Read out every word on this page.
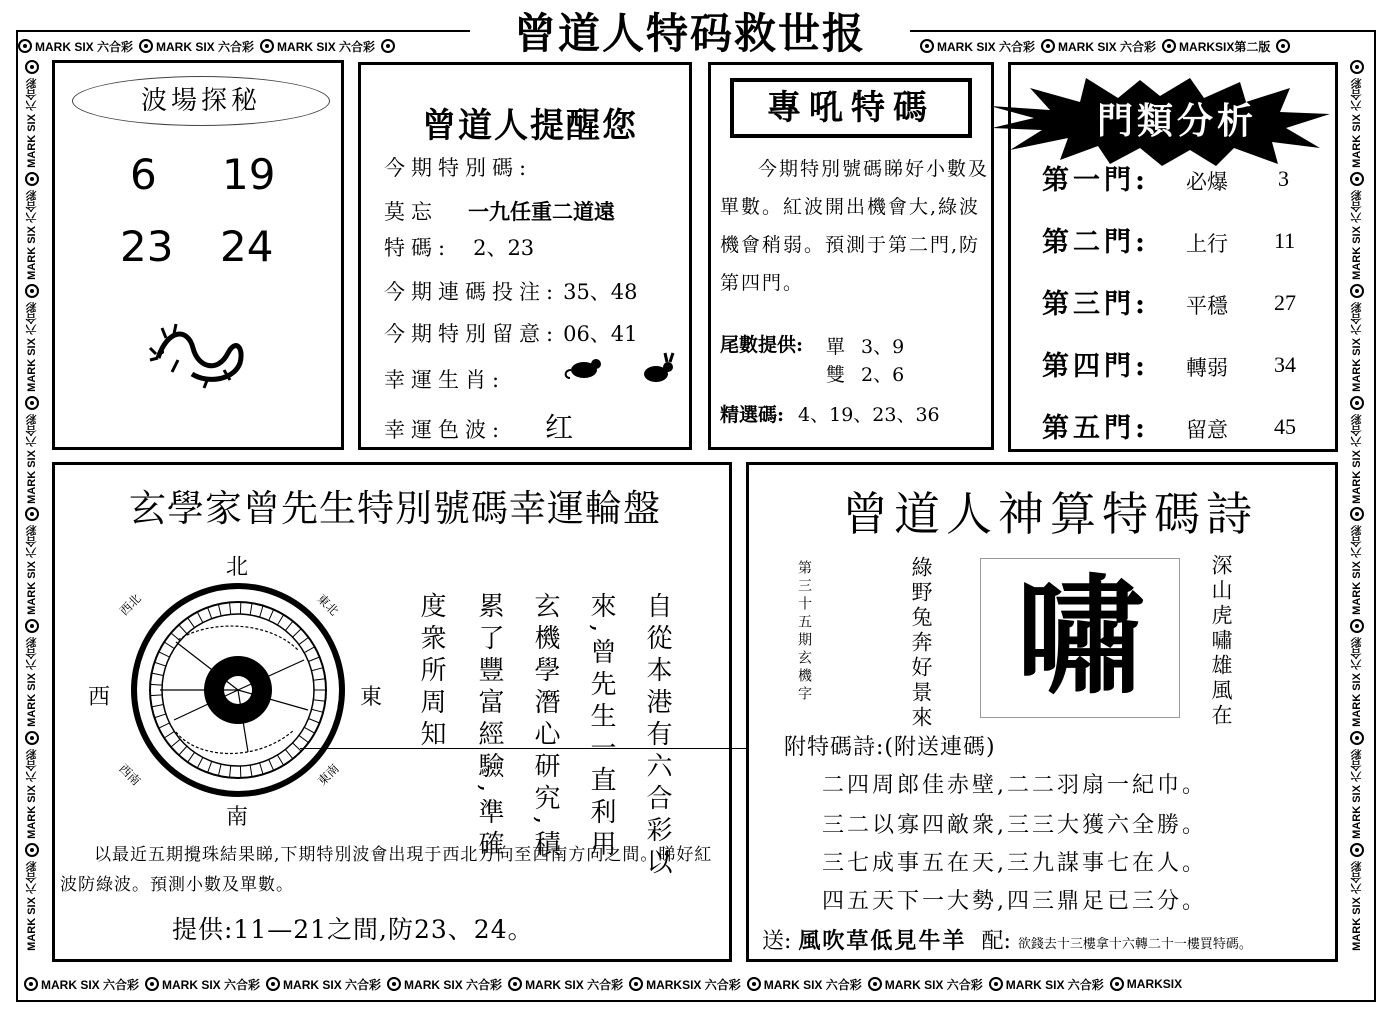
MARK SIX 六合彩 MARK SIX 六合彩 MARK SIX 六合彩	MARK SIX 六合彩 MARK SIX 六合彩 MARKSIX第二版
MARK SIX 六合彩 MARK SIX 六合彩 MARK SIX 六合彩 MARK SIX 六合彩 MARK SIX 六合彩 MARKSIX 六合彩 MARK SIX 六合彩 MARK SIX 六合彩 MARK SIX 六合彩 MARKSIX
MARK SIX 六合彩
MARK SIX 六合彩
MARK SIX 六合彩
MARK SIX 六合彩
MARK SIX 六合彩
MARK SIX 六合彩
MARK SIX 六合彩
MARK SIX 六合彩
MARK SIX 六合彩
MARK SIX 六合彩
MARK SIX 六合彩
MARK SIX 六合彩
MARK SIX 六合彩
MARK SIX 六合彩
MARK SIX 六合彩
MARK SIX 六合彩
曾道人特码救世报
波場探秘
6 19
23 24
曾道人提醒您
今期特別碼:
莫忘 一九任重二道遠
特碼: 2、23
今期連碼投注: 35、48
今期特別留意: 06、41
幸運生肖:
幸運色波: 红
專吼特碼
今期特別號碼睇好小數及單數。紅波開出機會大,綠波機會稍弱。預測于第二門,防第四門。
尾數提供: 單 3、9
雙 2、6
精選碼: 4、19、23、36
門類分析
第一門: 必爆 3
第二門: 上行 11
第三門: 平穩 27
第四門: 轉弱 34
第五門: 留意 45
玄學家曾先生特別號碼幸運輪盤
北
南
西	東
西北	東北
西南	東南	自從本港有六合彩以
來,曾先生一直利用
玄機學潛心研究,積
累了豐富經驗,準確
度衆所周知
以最近五期攪珠結果睇,下期特別波會出現于西北方向至西南方向之間。睇好紅波防綠波。預測小數及單數。
提供:11—21之間,防23、24。
曾道人神算特碼詩
第三十五期玄機字	綠野兔奔好景來 嘯	深山虎嘯雄風在
附特碼詩:(附送連碼)
二四周郎佳赤壁,二二羽扇一紀巾。
三二以寡四敵衆,三三大獲六全勝。
三七成事五在天,三九謀事七在人。
四五天下一大勢,四三鼎足已三分。
送: 風吹草低見牛羊 配: 欲錢去十三樓拿十六轉二十一樓買特碼。
